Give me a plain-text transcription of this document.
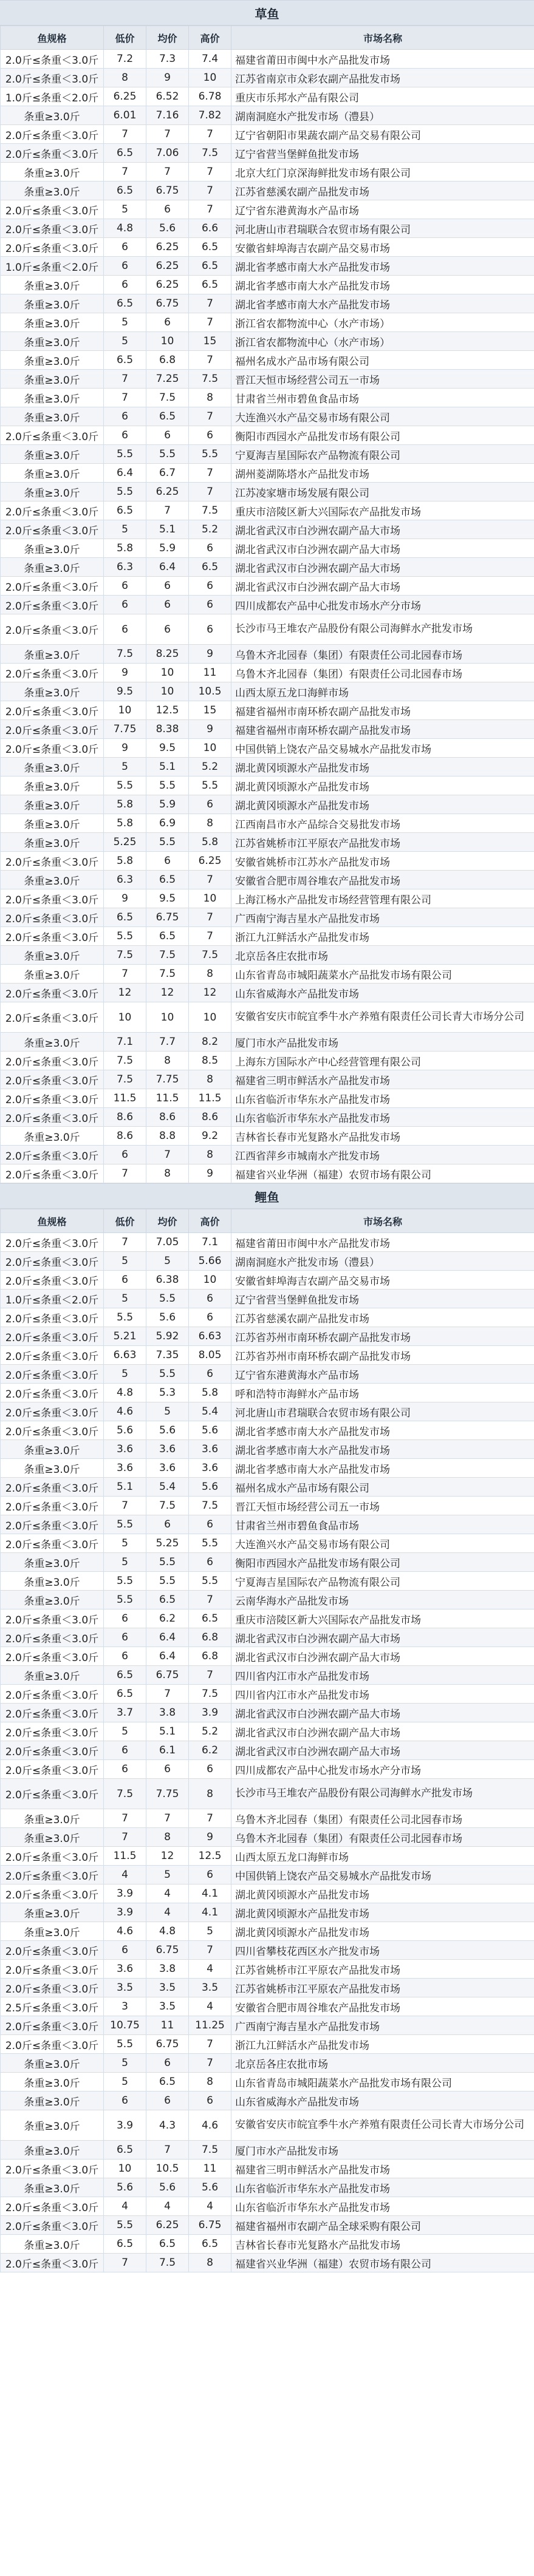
草鱼
鱼规格	低价	均价	高价	市场名称
2.0斤≤条重＜3.0斤	7.2	7.3	7.4	福建省莆田市闽中水产品批发市场
2.0斤≤条重＜3.0斤	8	9	10	江苏省南京市众彩农副产品批发市场
1.0斤≤条重＜2.0斤	6.25	6.52	6.78	重庆市乐邦水产品有限公司
条重≥3.0斤	6.01	7.16	7.82	湖南洞庭水产批发市场（澧县）
2.0斤≤条重＜3.0斤	7	7	7	辽宁省朝阳市果蔬农副产品交易有限公司
2.0斤≤条重＜3.0斤	6.5	7.06	7.5	辽宁省营当堡鲜鱼批发市场
条重≥3.0斤	7	7	7	北京大红门京深海鲜批发市场有限公司
条重≥3.0斤	6.5	6.75	7	江苏省慈溪农副产品批发市场
2.0斤≤条重＜3.0斤	5	6	7	辽宁省东港黄海水产品市场
2.0斤≤条重＜3.0斤	4.8	5.6	6.6	河北唐山市君瑞联合农贸市场有限公司
2.0斤≤条重＜3.0斤	6	6.25	6.5	安徽省蚌埠海吉农副产品交易市场
1.0斤≤条重＜2.0斤	6	6.25	6.5	湖北省孝感市南大水产品批发市场
条重≥3.0斤	6	6.25	6.5	湖北省孝感市南大水产品批发市场
条重≥3.0斤	6.5	6.75	7	湖北省孝感市南大水产品批发市场
条重≥3.0斤	5	6	7	浙江省农都物流中心（水产市场）
条重≥3.0斤	5	10	15	浙江省农都物流中心（水产市场）
条重≥3.0斤	6.5	6.8	7	福州名成水产品市场有限公司
条重≥3.0斤	7	7.25	7.5	晋江天恒市场经营公司五一市场
条重≥3.0斤	7	7.5	8	甘肃省兰州市碧鱼食品市场
条重≥3.0斤	6	6.5	7	大连渔兴水产品交易市场有限公司
2.0斤≤条重＜3.0斤	6	6	6	衡阳市西园水产品批发市场有限公司
条重≥3.0斤	5.5	5.5	5.5	宁夏海吉星国际农产品物流有限公司
条重≥3.0斤	6.4	6.7	7	湖州菱湖陈塔水产品批发市场
条重≥3.0斤	5.5	6.25	7	江苏凌家塘市场发展有限公司
2.0斤≤条重＜3.0斤	6.5	7	7.5	重庆市涪陵区新大兴国际农产品批发市场
2.0斤≤条重＜3.0斤	5	5.1	5.2	湖北省武汉市白沙洲农副产品大市场
条重≥3.0斤	5.8	5.9	6	湖北省武汉市白沙洲农副产品大市场
条重≥3.0斤	6.3	6.4	6.5	湖北省武汉市白沙洲农副产品大市场
2.0斤≤条重＜3.0斤	6	6	6	湖北省武汉市白沙洲农副产品大市场
2.0斤≤条重＜3.0斤	6	6	6	四川成都农产品中心批发市场水产分市场
2.0斤≤条重＜3.0斤	6	6	6	长沙市马王堆农产品股份有限公司海鲜水产批发市场
条重≥3.0斤	7.5	8.25	9	乌鲁木齐北园春（集团）有限责任公司北园春市场
2.0斤≤条重＜3.0斤	9	10	11	乌鲁木齐北园春（集团）有限责任公司北园春市场
条重≥3.0斤	9.5	10	10.5	山西太原五龙口海鲜市场
2.0斤≤条重＜3.0斤	10	12.5	15	福建省福州市南环桥农副产品批发市场
2.0斤≤条重＜3.0斤	7.75	8.38	9	福建省福州市南环桥农副产品批发市场
2.0斤≤条重＜3.0斤	9	9.5	10	中国供销上饶农产品交易城水产品批发市场
条重≥3.0斤	5	5.1	5.2	湖北黄冈顷源水产品批发市场
条重≥3.0斤	5.5	5.5	5.5	湖北黄冈顷源水产品批发市场
条重≥3.0斤	5.8	5.9	6	湖北黄冈顷源水产品批发市场
条重≥3.0斤	5.8	6.9	8	江西南昌市水产品综合交易批发市场
条重≥3.0斤	5.25	5.5	5.8	江苏省姚桥市江平原农产品批发市场
2.0斤≤条重＜3.0斤	5.8	6	6.25	安徽省姚桥市江苏水产品批发市场
条重≥3.0斤	6.3	6.5	7	安徽省合肥市周谷堆农产品批发市场
2.0斤≤条重＜3.0斤	9	9.5	10	上海江杨水产品批发市场经营管理有限公司
2.0斤≤条重＜3.0斤	6.5	6.75	7	广西南宁海吉星水产品批发市场
2.0斤≤条重＜3.0斤	5.5	6.5	7	浙江九江鲜活水产品批发市场
条重≥3.0斤	7.5	7.5	7.5	北京岳各庄农批市场
条重≥3.0斤	7	7.5	8	山东省青岛市城阳蔬菜水产品批发市场有限公司
2.0斤≤条重＜3.0斤	12	12	12	山东省威海水产品批发市场
2.0斤≤条重＜3.0斤	10	10	10	安徽省安庆市皖宜季牛水产养殖有限责任公司长青大市场分公司
条重≥3.0斤	7.1	7.7	8.2	厦门市水产品批发市场
2.0斤≤条重＜3.0斤	7.5	8	8.5	上海东方国际水产中心经营管理有限公司
2.0斤≤条重＜3.0斤	7.5	7.75	8	福建省三明市鲜活水产品批发市场
2.0斤≤条重＜3.0斤	11.5	11.5	11.5	山东省临沂市华东水产品批发市场
2.0斤≤条重＜3.0斤	8.6	8.6	8.6	山东省临沂市华东水产品批发市场
条重≥3.0斤	8.6	8.8	9.2	吉林省长春市光复路水产品批发市场
2.0斤≤条重＜3.0斤	6	7	8	江西省萍乡市城南水产批发市场
2.0斤≤条重＜3.0斤	7	8	9	福建省兴业华洲（福建）农贸市场有限公司
鲤鱼
鱼规格	低价	均价	高价	市场名称
2.0斤≤条重＜3.0斤	7	7.05	7.1	福建省莆田市闽中水产品批发市场
2.0斤≤条重＜3.0斤	5	5	5.66	湖南洞庭水产批发市场（澧县）
2.0斤≤条重＜3.0斤	6	6.38	10	安徽省蚌埠海吉农副产品交易市场
1.0斤≤条重＜2.0斤	5	5.5	6	辽宁省营当堡鲜鱼批发市场
2.0斤≤条重＜3.0斤	5.5	5.6	6	江苏省慈溪农副产品批发市场
2.0斤≤条重＜3.0斤	5.21	5.92	6.63	江苏省苏州市南环桥农副产品批发市场
2.0斤≤条重＜3.0斤	6.63	7.35	8.05	江苏省苏州市南环桥农副产品批发市场
2.0斤≤条重＜3.0斤	5	5.5	6	辽宁省东港黄海水产品市场
2.0斤≤条重＜3.0斤	4.8	5.3	5.8	呼和浩特市海鲜水产品市场
2.0斤≤条重＜3.0斤	4.6	5	5.4	河北唐山市君瑞联合农贸市场有限公司
2.0斤≤条重＜3.0斤	5.6	5.6	5.6	湖北省孝感市南大水产品批发市场
条重≥3.0斤	3.6	3.6	3.6	湖北省孝感市南大水产品批发市场
条重≥3.0斤	3.6	3.6	3.6	湖北省孝感市南大水产品批发市场
2.0斤≤条重＜3.0斤	5.1	5.4	5.6	福州名成水产品市场有限公司
2.0斤≤条重＜3.0斤	7	7.5	7.5	晋江天恒市场经营公司五一市场
2.0斤≤条重＜3.0斤	5.5	6	6	甘肃省兰州市碧鱼食品市场
2.0斤≤条重＜3.0斤	5	5.25	5.5	大连渔兴水产品交易市场有限公司
条重≥3.0斤	5	5.5	6	衡阳市西园水产品批发市场有限公司
条重≥3.0斤	5.5	5.5	5.5	宁夏海吉星国际农产品物流有限公司
条重≥3.0斤	5.5	6.5	7	云南华海水产品批发市场
2.0斤≤条重＜3.0斤	6	6.2	6.5	重庆市涪陵区新大兴国际农产品批发市场
2.0斤≤条重＜3.0斤	6	6.4	6.8	湖北省武汉市白沙洲农副产品大市场
2.0斤≤条重＜3.0斤	6	6.4	6.8	湖北省武汉市白沙洲农副产品大市场
条重≥3.0斤	6.5	6.75	7	四川省内江市水产品批发市场
2.0斤≤条重＜3.0斤	6.5	7	7.5	四川省内江市水产品批发市场
2.0斤≤条重＜3.0斤	3.7	3.8	3.9	湖北省武汉市白沙洲农副产品大市场
2.0斤≤条重＜3.0斤	5	5.1	5.2	湖北省武汉市白沙洲农副产品大市场
2.0斤≤条重＜3.0斤	6	6.1	6.2	湖北省武汉市白沙洲农副产品大市场
2.0斤≤条重＜3.0斤	6	6	6	四川成都农产品中心批发市场水产分市场
2.0斤≤条重＜3.0斤	7.5	7.75	8	长沙市马王堆农产品股份有限公司海鲜水产批发市场
条重≥3.0斤	7	7	7	乌鲁木齐北园春（集团）有限责任公司北园春市场
条重≥3.0斤	7	8	9	乌鲁木齐北园春（集团）有限责任公司北园春市场
2.0斤≤条重＜3.0斤	11.5	12	12.5	山西太原五龙口海鲜市场
2.0斤≤条重＜3.0斤	4	5	6	中国供销上饶农产品交易城水产品批发市场
2.0斤≤条重＜3.0斤	3.9	4	4.1	湖北黄冈顷源水产品批发市场
条重≥3.0斤	3.9	4	4.1	湖北黄冈顷源水产品批发市场
条重≥3.0斤	4.6	4.8	5	湖北黄冈顷源水产品批发市场
2.0斤≤条重＜3.0斤	6	6.75	7	四川省攀枝花西区水产批发市场
2.0斤≤条重＜3.0斤	3.6	3.8	4	江苏省姚桥市江平原农产品批发市场
2.0斤≤条重＜3.0斤	3.5	3.5	3.5	江苏省姚桥市江平原农产品批发市场
2.5斤≤条重＜3.0斤	3	3.5	4	安徽省合肥市周谷堆农产品批发市场
2.0斤≤条重＜3.0斤	10.75	11	11.25	广西南宁海吉星水产品批发市场
2.0斤≤条重＜3.0斤	5.5	6.75	7	浙江九江鲜活水产品批发市场
条重≥3.0斤	5	6	7	北京岳各庄农批市场
条重≥3.0斤	5	6.5	8	山东省青岛市城阳蔬菜水产品批发市场有限公司
条重≥3.0斤	6	6	6	山东省威海水产品批发市场
条重≥3.0斤	3.9	4.3	4.6	安徽省安庆市皖宜季牛水产养殖有限责任公司长青大市场分公司
条重≥3.0斤	6.5	7	7.5	厦门市水产品批发市场
2.0斤≤条重＜3.0斤	10	10.5	11	福建省三明市鲜活水产品批发市场
条重≥3.0斤	5.6	5.6	5.6	山东省临沂市华东水产品批发市场
2.0斤≤条重＜3.0斤	4	4	4	山东省临沂市华东水产品批发市场
2.0斤≤条重＜3.0斤	5.5	6.25	6.75	福建省福州市农副产品全球采购有限公司
条重≥3.0斤	6.5	6.5	6.5	吉林省长春市光复路水产品批发市场
2.0斤≤条重＜3.0斤	7	7.5	8	福建省兴业华洲（福建）农贸市场有限公司
